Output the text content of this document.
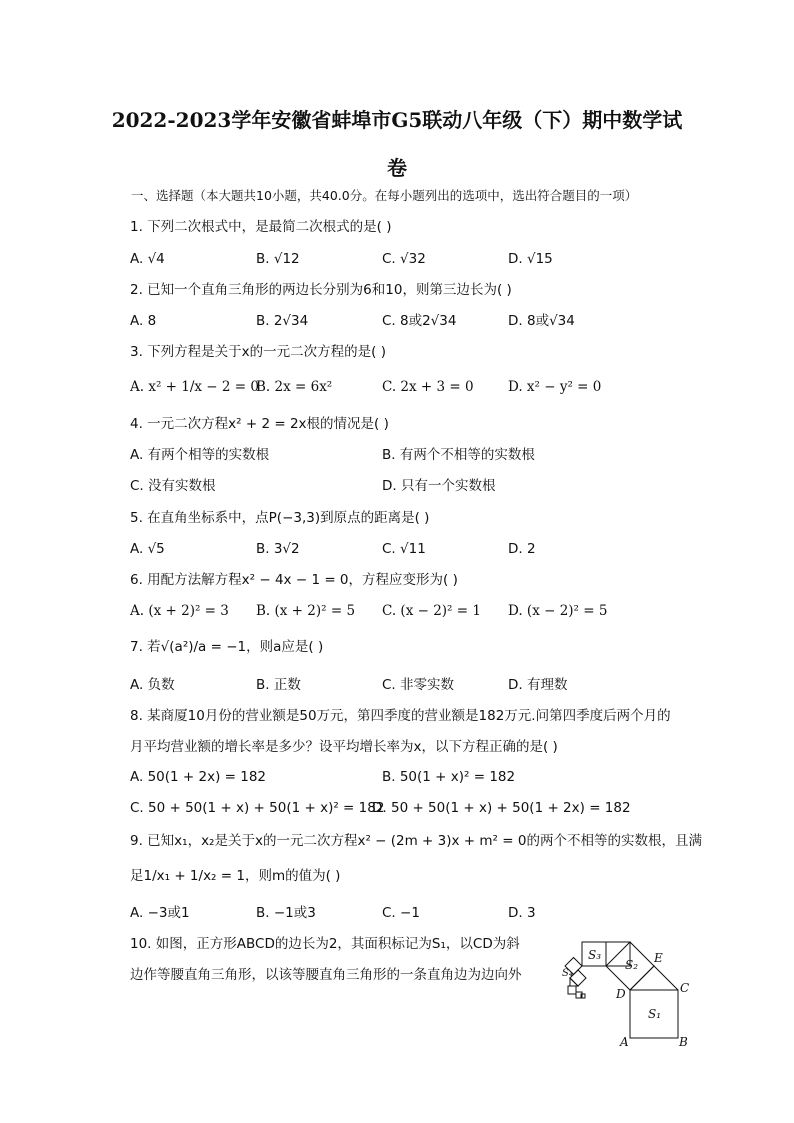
2022-2023学年安徽省蚌埠市G5联动八年级（下）期中数学试
卷
一、选择题（本大题共10小题，共40.0分。在每小题列出的选项中，选出符合题目的一项）
1. 下列二次根式中，是最简二次根式的是( )
A. √4	B. √12	C. √32	D. √15
2. 已知一个直角三角形的两边长分别为6和10，则第三边长为( )
A. 8	B. 2√34	C. 8或2√34	D. 8或√34
3. 下列方程是关于x的一元二次方程的是( )
A. x² + 1/x − 2 = 0
B. 2x = 6x²	C. 2x + 3 = 0	D. x² − y² = 0
4. 一元二次方程x² + 2 = 2x根的情况是( )
A. 有两个相等的实数根	B. 有两个不相等的实数根
C. 没有实数根	D. 只有一个实数根
5. 在直角坐标系中，点P(−3,3)到原点的距离是( )
A. √5	B. 3√2	C. √11	D. 2
6. 用配方法解方程x² − 4x − 1 = 0，方程应变形为( )
A. (x + 2)² = 3 B. (x + 2)² = 5 C. (x − 2)² = 1 D. (x − 2)² = 5
7. 若√(a²)/a = −1，则a应是( )
A. 负数	B. 正数	C. 非零实数	D. 有理数
8. 某商厦10月份的营业额是50万元，第四季度的营业额是182万元.问第四季度后两个月的
月平均营业额的增长率是多少？设平均增长率为x，以下方程正确的是( )
A. 50(1 + 2x) = 182	B. 50(1 + x)² = 182
C. 50 + 50(1 + x) + 50(1 + x)² = 182
D. 50 + 50(1 + x) + 50(1 + 2x) = 182
9. 已知x₁，x₂是关于x的一元二次方程x² − (2m + 3)x + m² = 0的两个不相等的实数根，且满
足1/x₁ + 1/x₂ = 1，则m的值为( )
A. −3或1	B. −1或3	C. −1	D. 3
10. 如图，正方形ABCD的边长为2，其面积标记为S₁，以CD为斜
边作等腰直角三角形，以该等腰直角三角形的一条直角边为边向外
A	B
C
D
E
S₁
S₂
S₃
S₄
